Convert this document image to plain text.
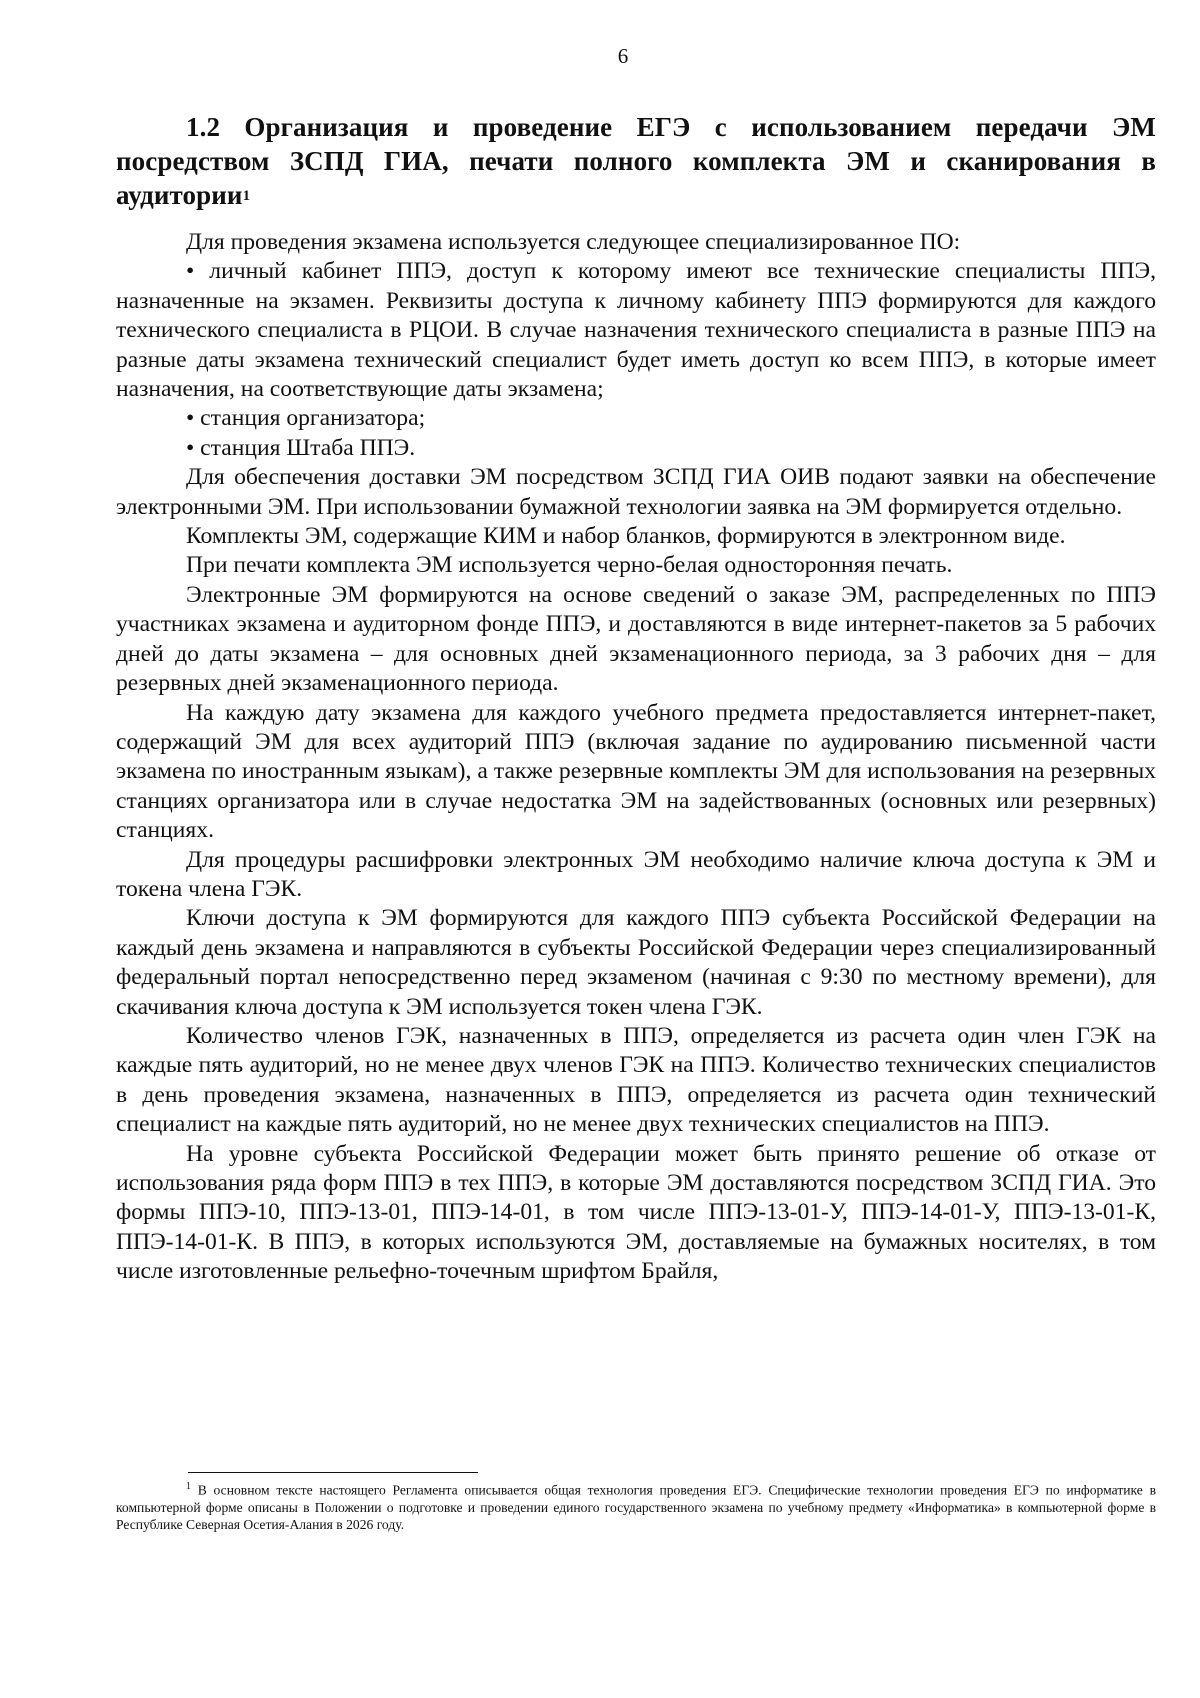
6
1.2 Организация и проведение ЕГЭ с использованием передачи ЭМ посредством ЗСПД ГИА, печати полного комплекта ЭМ и сканирования в аудитории$^1$

Для проведения экзамена используется следующее специализированное ПО:

• личный кабинет ППЭ, доступ к которому имеют все технические специалисты ППЭ, назначенные на экзамен. Реквизиты доступа к личному кабинету ППЭ формируются для каждого технического специалиста в РЦОИ. В случае назначения технического специалиста в разные ППЭ на разные даты экзамена технический специалист будет иметь доступ ко всем ППЭ, в которые имеет назначения, на соответствующие даты экзамена;

• станция организатора;

• станция Штаба ППЭ.

Для обеспечения доставки ЭМ посредством ЗСПД ГИА ОИВ подают заявки на обеспечение электронными ЭМ. При использовании бумажной технологии заявка на ЭМ формируется отдельно.

Комплекты ЭМ, содержащие КИМ и набор бланков, формируются в электронном виде.

При печати комплекта ЭМ используется черно-белая односторонняя печать.

Электронные ЭМ формируются на основе сведений о заказе ЭМ, распределенных по ППЭ участниках экзамена и аудиторном фонде ППЭ, и доставляются в виде интернет-пакетов за 5 рабочих дней до даты экзамена – для основных дней экзаменационного периода, за 3 рабочих дня – для резервных дней экзаменационного периода.

На каждую дату экзамена для каждого учебного предмета предоставляется интернет-пакет, содержащий ЭМ для всех аудиторий ППЭ (включая задание по аудированию письменной части экзамена по иностранным языкам), а также резервные комплекты ЭМ для использования на резервных станциях организатора или в случае недостатка ЭМ на задействованных (основных или резервных) станциях.

Для процедуры расшифровки электронных ЭМ необходимо наличие ключа доступа к ЭМ и токена члена ГЭК.

Ключи доступа к ЭМ формируются для каждого ППЭ субъекта Российской Федерации на каждый день экзамена и направляются в субъекты Российской Федерации через специализированный федеральный портал непосредственно перед экзаменом (начиная с 9:30 по местному времени), для скачивания ключа доступа к ЭМ используется токен члена ГЭК.

Количество членов ГЭК, назначенных в ППЭ, определяется из расчета один член ГЭК на каждые пять аудиторий, но не менее двух членов ГЭК на ППЭ. Количество технических специалистов в день проведения экзамена, назначенных в ППЭ, определяется из расчета один технический специалист на каждые пять аудиторий, но не менее двух технических специалистов на ППЭ.

На уровне субъекта Российской Федерации может быть принято решение об отказе от использования ряда форм ППЭ в тех ППЭ, в которые ЭМ доставляются посредством ЗСПД ГИА. Это формы ППЭ-10, ППЭ-13-01, ППЭ-14-01, в том числе ППЭ-13-01-У, ППЭ-14-01-У, ППЭ-13-01-К, ППЭ-14-01-К. В ППЭ, в которых используются ЭМ, доставляемые на бумажных носителях, в том числе изготовленные рельефно-точечным шрифтом Брайля,

$^1$ В основном тексте настоящего Регламента описывается общая технология проведения ЕГЭ. Специфические технологии проведения ЕГЭ по информатике в компьютерной форме описаны в Положении о подготовке и проведении единого государственного экзамена по учебному предмету «Информатика» в компьютерной форме в Республике Северная Осетия-Алания в 2026 году.
